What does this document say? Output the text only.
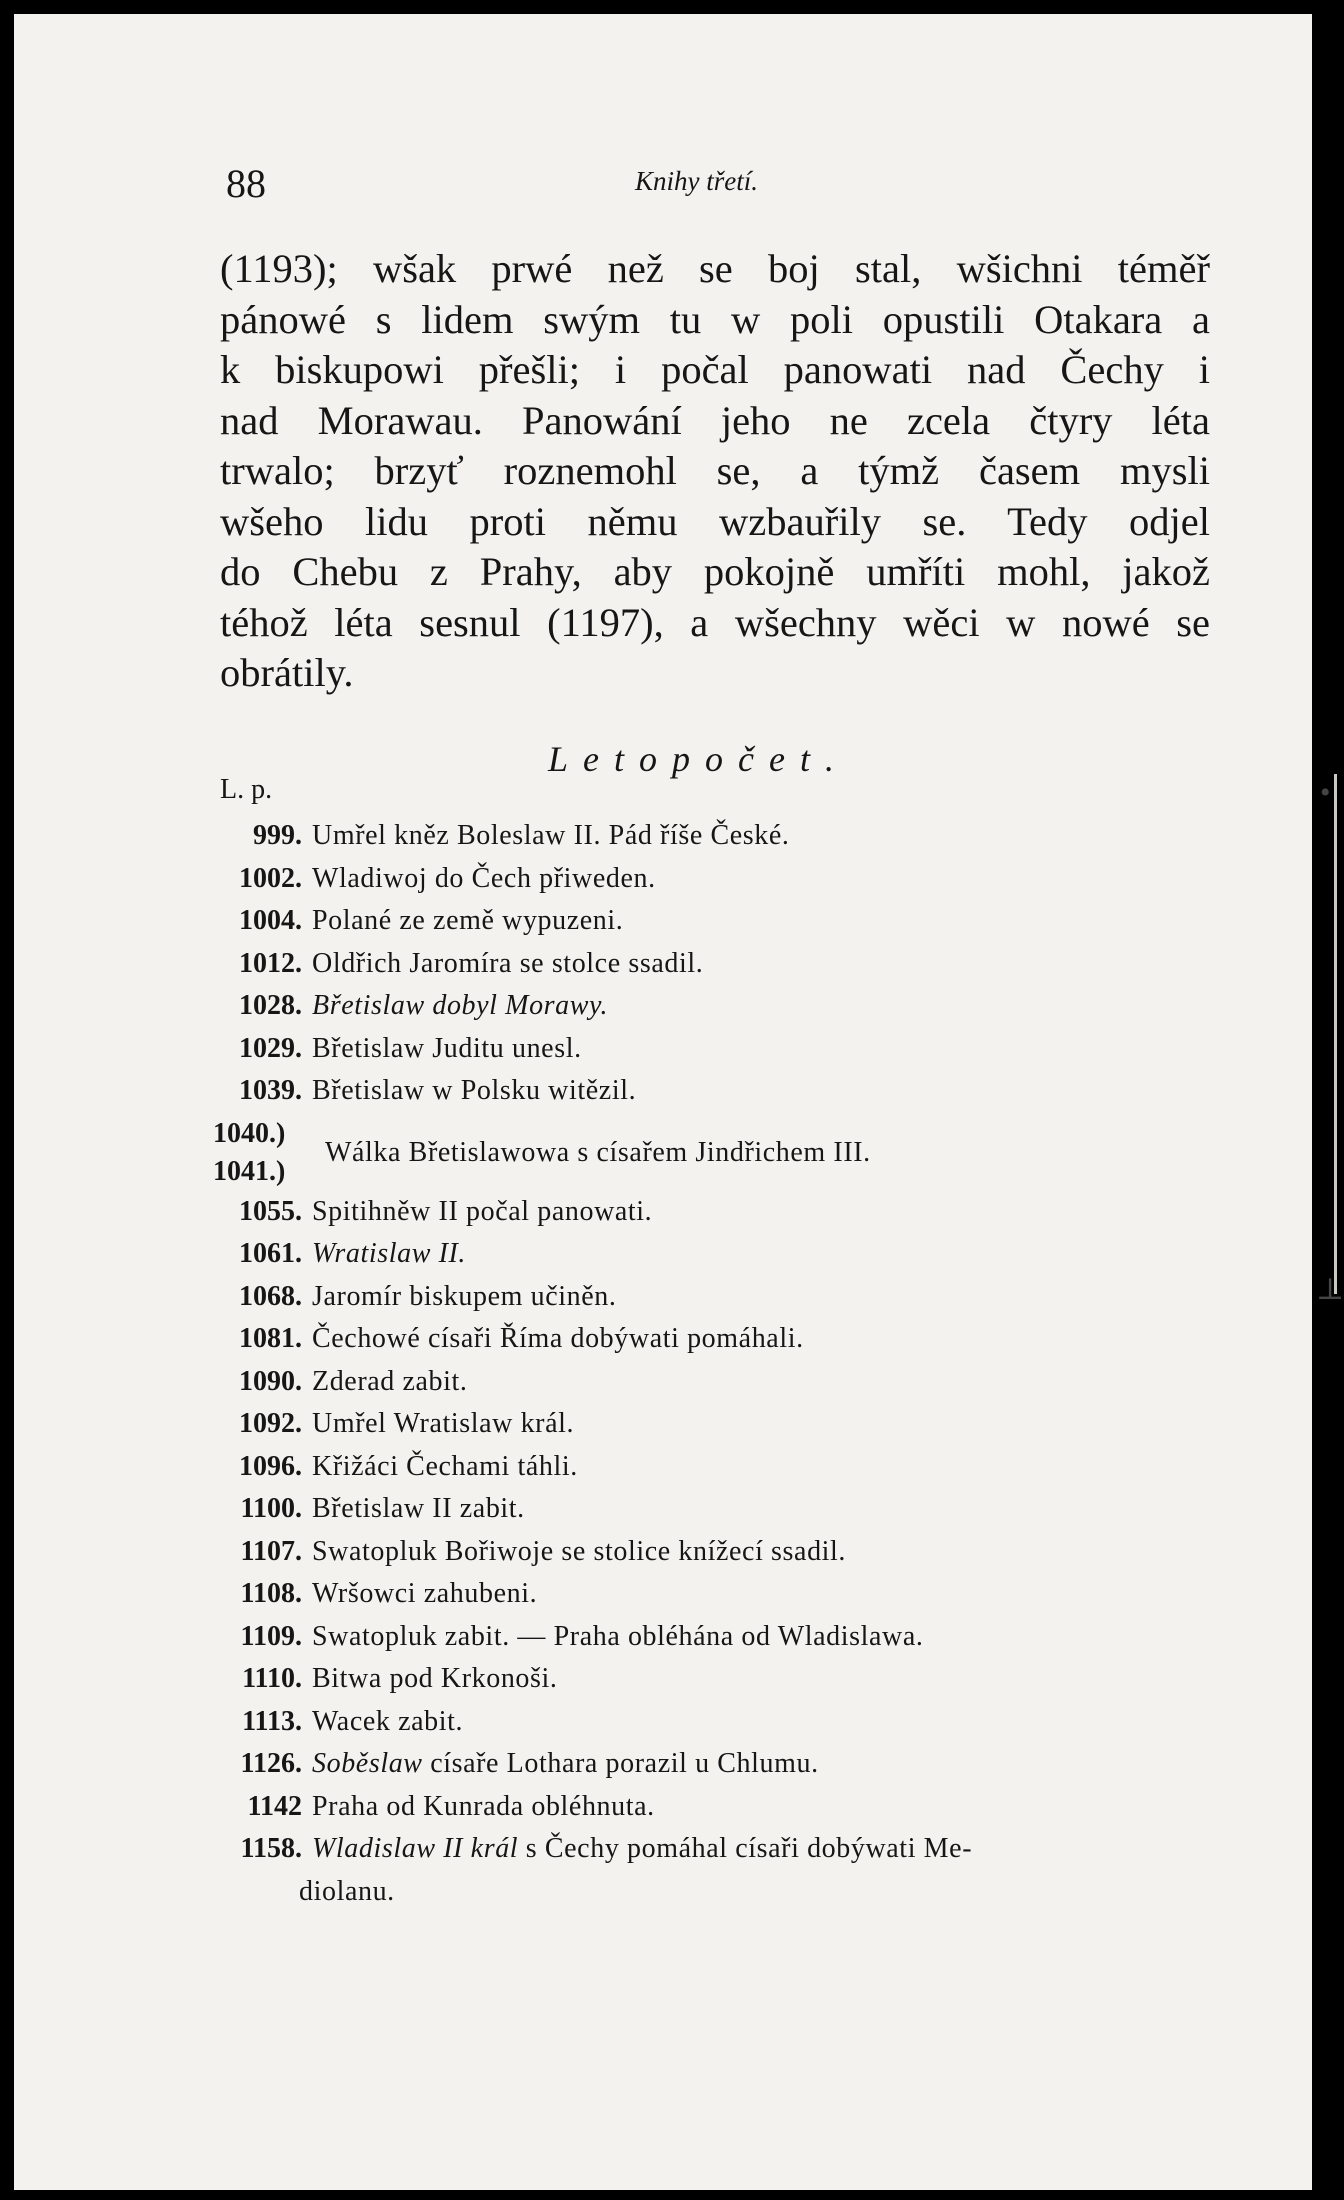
88	Knihy třetí.
(1193); wšak prwé než se boj stal, wšichni téměř
pánowé s lidem swým tu w poli opustili Otakara a
k biskupowi přešli; i počal panowati nad Čechy i
nad Morawau. Panowání jeho ne zcela čtyry léta
trwalo; brzyť roznemohl se, a týmž časem mysli
wšeho lidu proti němu wzbauřily se. Tedy odjel
do Chebu z Prahy, aby pokojně umříti mohl, jakož
téhož léta sesnul (1197), a wšechny wěci w nowé se
obrátily.
Letopočet.
L. p.
999. Umřel kněz Boleslaw II. Pád říše České.
1002. Wladiwoj do Čech přiweden.
1004. Polané ze země wypuzeni.
1012. Oldřich Jaromíra se stolce ssadil.
1028. Břetislaw dobyl Morawy.
1029. Břetislaw Juditu unesl.
1039. Břetislaw w Polsku witězil.
1040.)
1041.)
Wálka Břetislawowa s císařem Jindřichem III.
1055. Spitihněw II počal panowati.
1061. Wratislaw II.
1068. Jaromír biskupem učiněn.
1081. Čechowé císaři Říma dobýwati pomáhali.
1090. Zderad zabit.
1092. Umřel Wratislaw král.
1096. Křižáci Čechami táhli.
1100. Břetislaw II zabit.
1107. Swatopluk Bořiwoje se stolice knížecí ssadil.
1108. Wršowci zahubeni.
1109. Swatopluk zabit. — Praha obléhána od Wladislawa.
1110. Bitwa pod Krkonoši.
1113. Wacek zabit.
1126. Soběslaw císaře Lothara porazil u Chlumu.
1142 Praha od Kunrada obléhnuta.
1158. Wladislaw II král s Čechy pomáhal císaři dobýwati Me-
diolanu.
•
⊥
